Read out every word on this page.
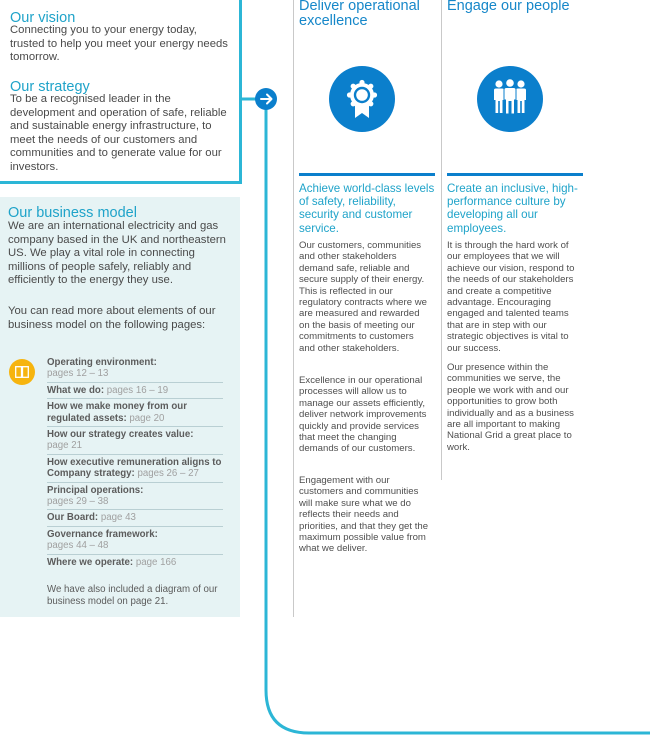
Our vision
Connecting you to your energy today, trusted to help you meet your energy needs tomorrow.
Our strategy
To be a recognised leader in the development and operation of safe, reliable and sustainable energy infrastructure, to meet the needs of our customers and communities and to generate value for our investors.
Our business model
We are an international electricity and gas company based in the UK and northeastern US. We play a vital role in connecting millions of people safely, reliably and efficiently to the energy they use.
You can read more about elements of our business model on the following pages:
Operating environment:
pages 12 – 13
What we do: pages 16 – 19
How we make money from our regulated assets: page 20
How our strategy creates value:
page 21
How executive remuneration aligns to Company strategy: pages 26 – 27
Principal operations:
pages 29 – 38
Our Board: page 43
Governance framework:
pages 44 – 48
Where we operate: page 166
We have also included a diagram of our business model on page 21.
Deliver operational excellence
Achieve world-class levels of safety, reliability, security and customer service.
Our customers, communities and other stakeholders demand safe, reliable and secure supply of their energy. This is reflected in our regulatory contracts where we are measured and rewarded on the basis of meeting our commitments to customers and other stakeholders.
Excellence in our operational processes will allow us to manage our assets efficiently, deliver network improvements quickly and provide services that meet the changing demands of our customers.
Engagement with our customers and communities will make sure what we do reflects their needs and priorities, and that they get the maximum possible value from what we deliver.
Engage our people
Create an inclusive, high-performance culture by developing all our employees.
It is through the hard work of our employees that we will achieve our vision, respond to the needs of our stakeholders and create a competitive advantage. Encouraging engaged and talented teams that are in step with our strategic objectives is vital to our success.
Our presence within the communities we serve, the people we work with and our opportunities to grow both individually and as a business are all important to making National Grid a great place to work.
